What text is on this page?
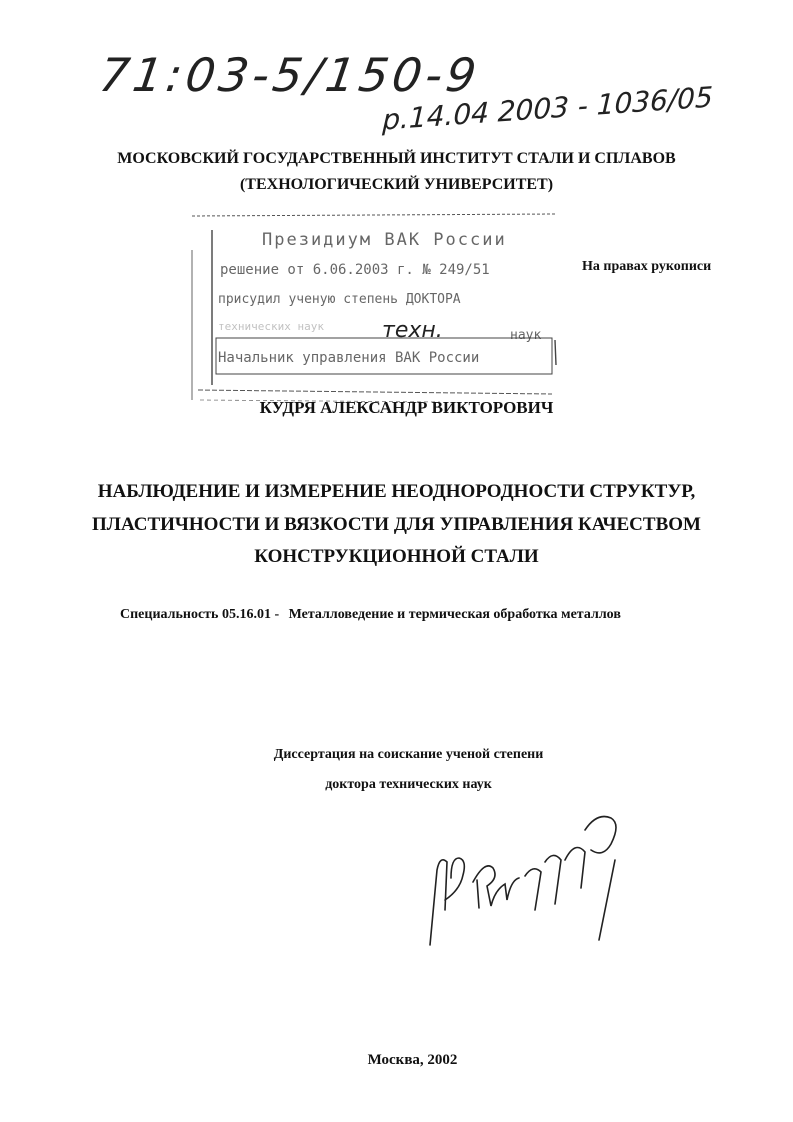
71:03-5/150-9
р.14.04 2003 - 1036/05
МОСКОВСКИЙ ГОСУДАРСТВЕННЫЙ ИНСТИТУТ СТАЛИ И СПЛАВОВ
(ТЕХНОЛОГИЧЕСКИЙ УНИВЕРСИТЕТ)
Президиум ВАК России
решение от 6.06.2003 г. № 249/51
присудил ученую степень ДОКТОРА
техн.	наук
Начальник управления ВАК России
технических наук
На правах рукописи
КУДРЯ АЛЕКСАНДР ВИКТОРОВИЧ
НАБЛЮДЕНИЕ И ИЗМЕРЕНИЕ НЕОДНОРОДНОСТИ СТРУКТУР,
ПЛАСТИЧНОСТИ И ВЯЗКОСТИ ДЛЯ УПРАВЛЕНИЯ КАЧЕСТВОМ
КОНСТРУКЦИОННОЙ СТАЛИ
Специальность 05.16.01 - Металловедение и термическая обработка металлов
Диссертация на соискание ученой степени
доктора технических наук
Москва, 2002
